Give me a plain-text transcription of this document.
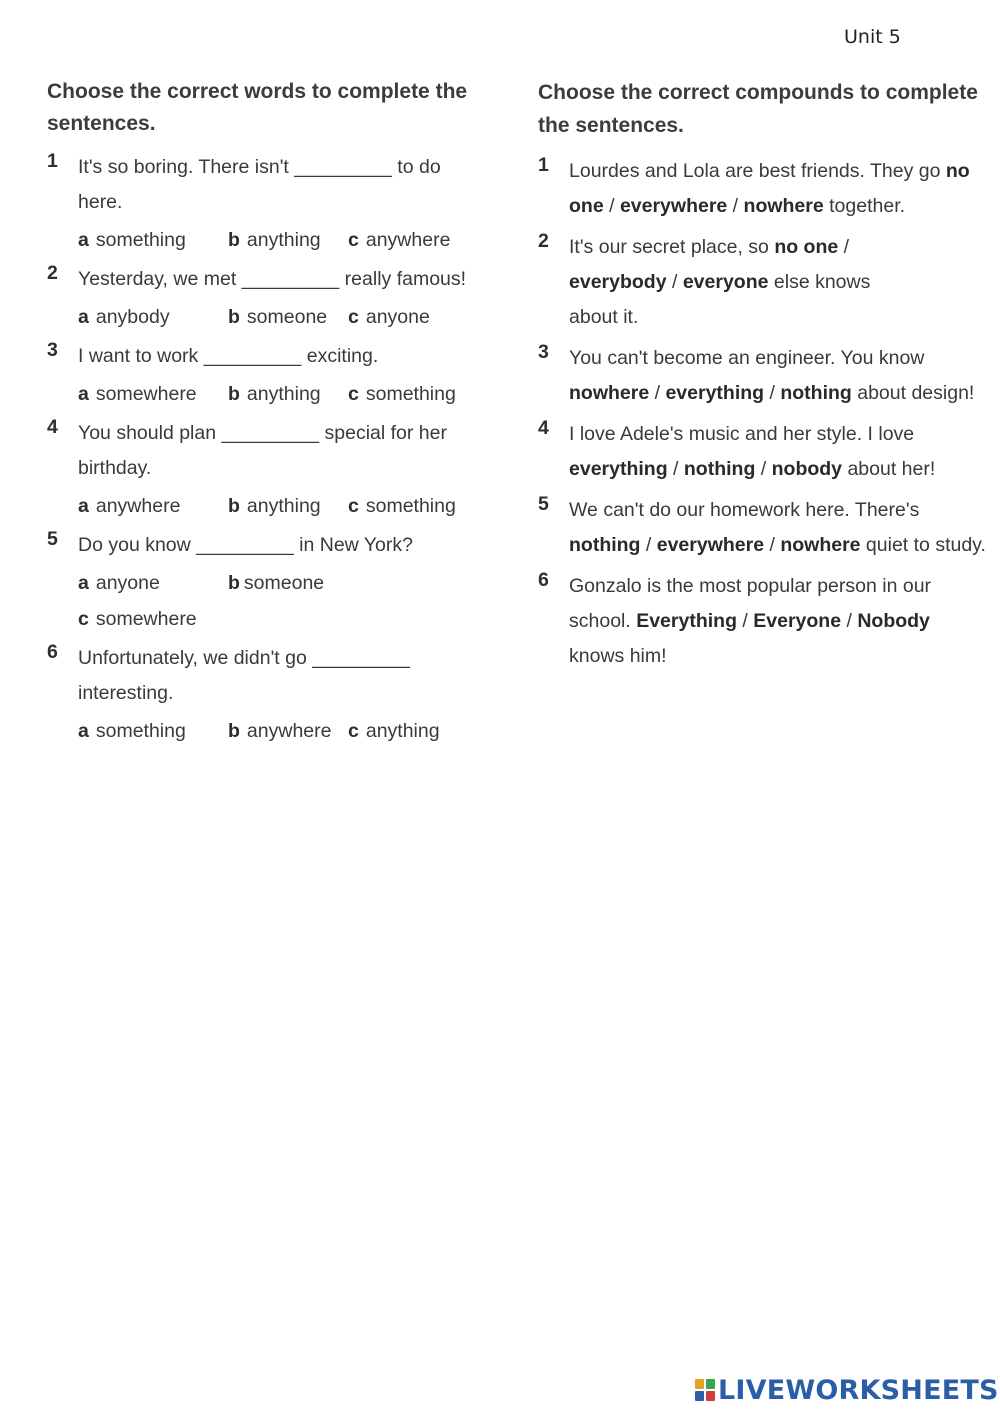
Unit 5
Choose the correct words to complete the sentences.
1	It's so boring. There isn't _________ to do here.
a something b anything c anywhere
2	Yesterday, we met _________ really famous!
a anybody	b someone c anyone
3	I want to work _________ exciting.
a somewhere b anything c something
4	You should plan _________ special for her birthday.
a anywhere b anything c something
5	Do you know _________ in New York?
a anyone	b someone
c somewhere
6	Unfortunately, we didn't go _________ interesting.
a something b anywhere c anything
Choose the correct compounds to complete the sentences.
1	Lourdes and Lola are best friends. They go no one / everywhere / nowhere together.
2	It's our secret place, so no one / everybody / everyone else knows about it.
3	You can't become an engineer. You know nowhere / everything / nothing about design!
4	I love Adele's music and her style. I love everything / nothing / nobody about her!
5	We can't do our homework here. There's nothing / everywhere / nowhere quiet to study.
6	Gonzalo is the most popular person in our school. Everything / Everyone / Nobody knows him!
LIVEWORKSHEETS
